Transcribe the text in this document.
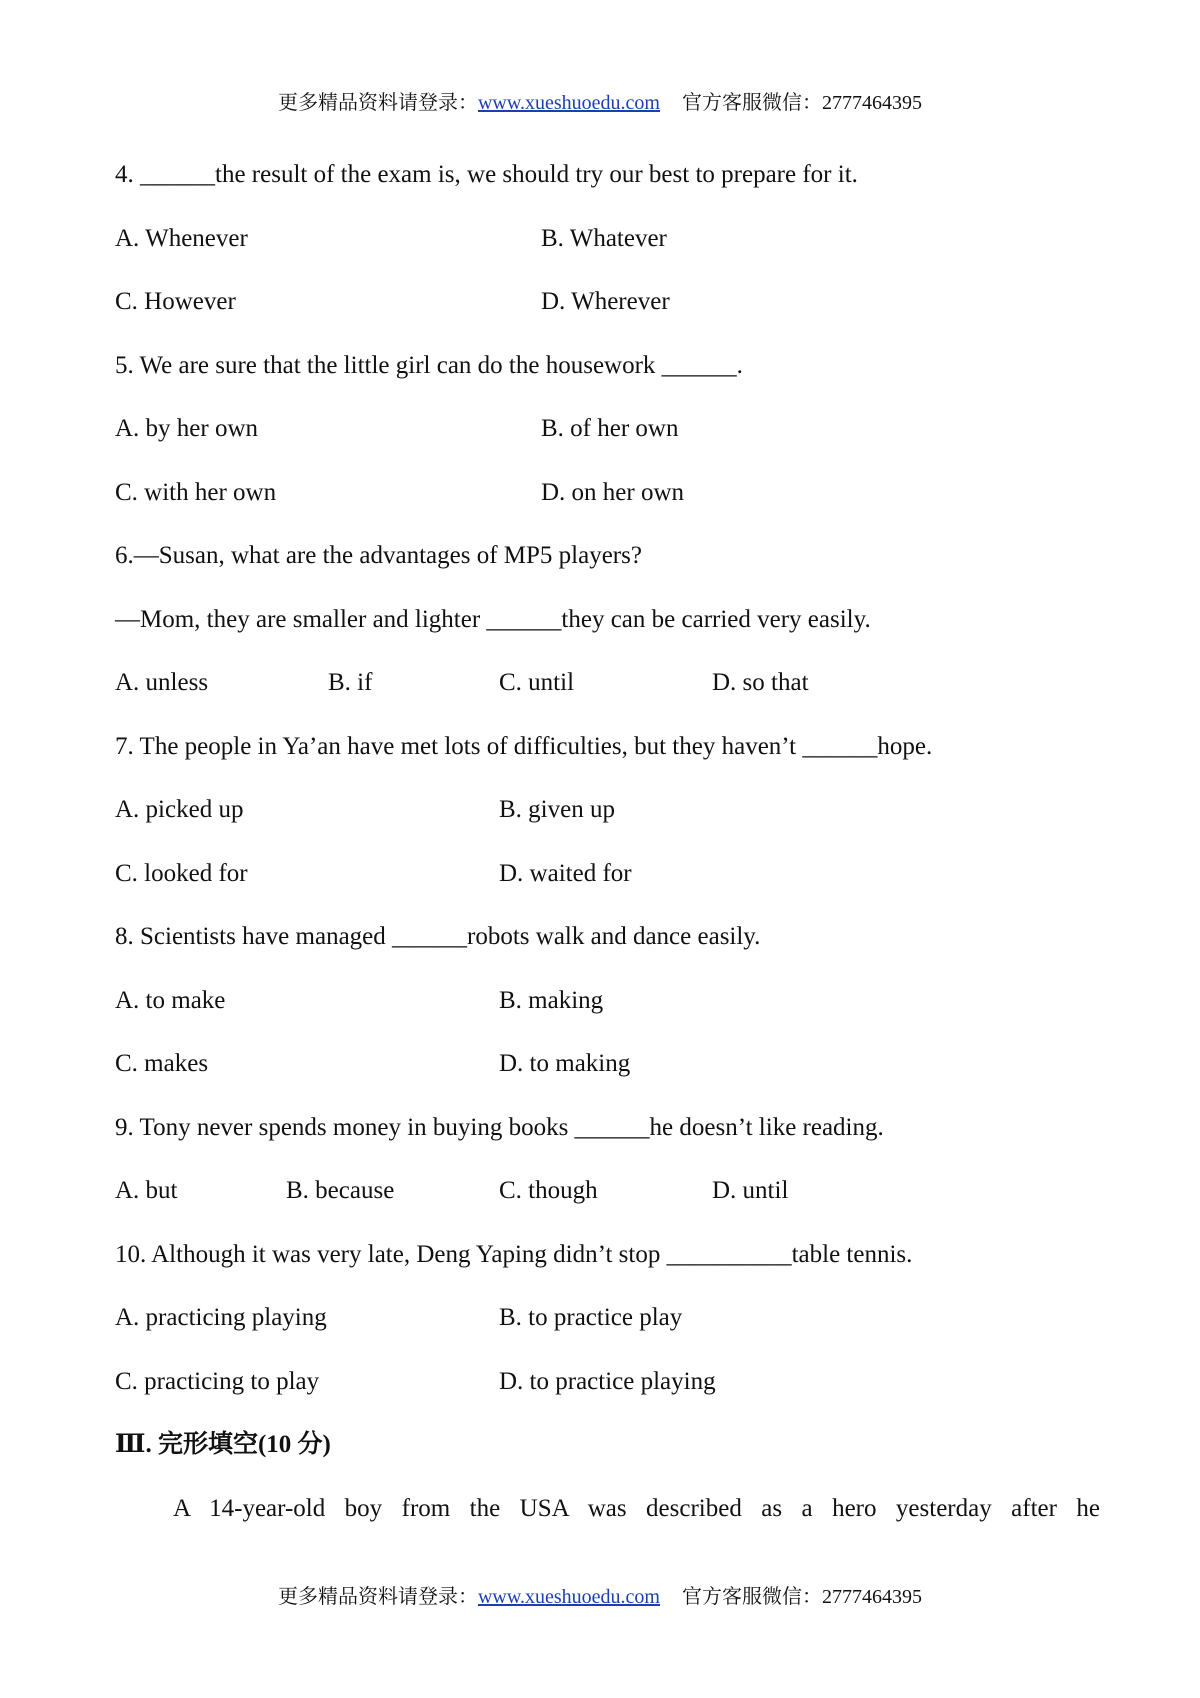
更多精品资料请登录：www.xueshuoedu.com 官方客服微信：2777464395
4. ______the result of the exam is, we should try our best to prepare for it.
A. Whenever	B. Whatever
C. However	D. Wherever
5. We are sure that the little girl can do the housework ______.
A. by her own	B. of her own
C. with her own	D. on her own
6.—Susan, what are the advantages of MP5 players?
—Mom, they are smaller and lighter ______they can be carried very easily.
A. unless	B. if	C. until	D. so that
7. The people in Ya’an have met lots of difficulties, but they haven’t ______hope.
A. picked up	B. given up
C. looked for	D. waited for
8. Scientists have managed ______robots walk and dance easily.
A. to make	B. making
C. makes	D. to making
9. Tony never spends money in buying books ______he doesn’t like reading.
A. but	B. because	C. though	D. until
10. Although it was very late, Deng Yaping didn’t stop __________table tennis.
A. practicing playing	B. to practice play
C. practicing to play	D. to practice playing
Ⅲ. 完形填空(10 分)
A 14-year-old boy from the USA was described as a hero yesterday after he
更多精品资料请登录：www.xueshuoedu.com 官方客服微信：2777464395
